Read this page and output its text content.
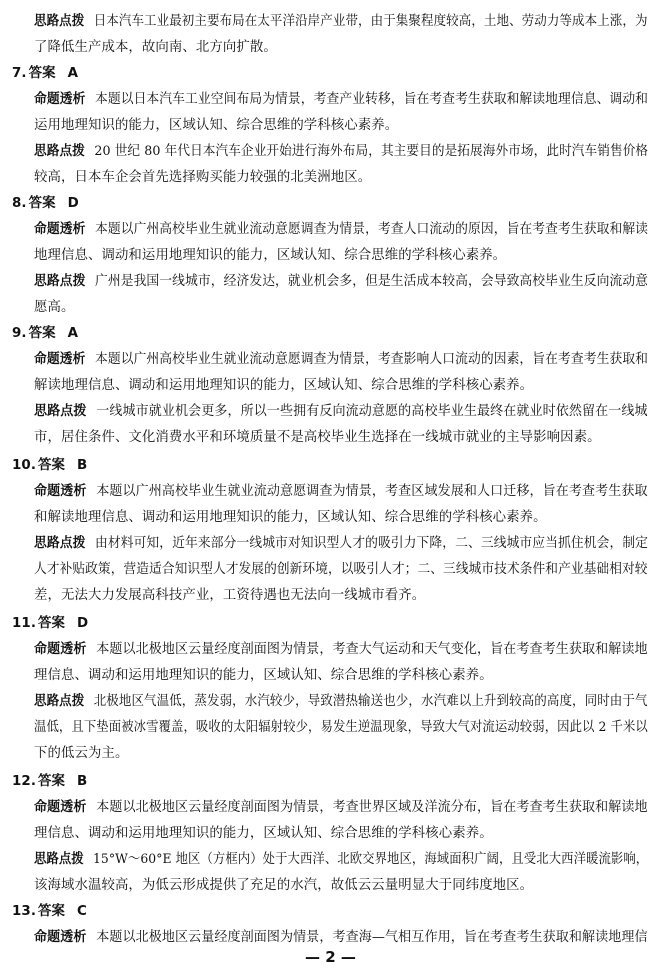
思路点拨 日本汽车工业最初主要布局在太平洋沿岸产业带，由于集聚程度较高，土地、劳动力等成本上涨，为
了降低生产成本，故向南、北方向扩散。
7. 答案 A
命题透析 本题以日本汽车工业空间布局为情景，考查产业转移，旨在考查考生获取和解读地理信息、调动和
运用地理知识的能力，区域认知、综合思维的学科核心素养。
思路点拨 20 世纪 80 年代日本汽车企业开始进行海外布局，其主要目的是拓展海外市场，此时汽车销售价格
较高，日本车企会首先选择购买能力较强的北美洲地区。
8. 答案 D
命题透析 本题以广州高校毕业生就业流动意愿调查为情景，考查人口流动的原因，旨在考查考生获取和解读
地理信息、调动和运用地理知识的能力，区域认知、综合思维的学科核心素养。
思路点拨 广州是我国一线城市，经济发达，就业机会多，但是生活成本较高，会导致高校毕业生反向流动意
愿高。
9. 答案 A
命题透析 本题以广州高校毕业生就业流动意愿调查为情景，考查影响人口流动的因素，旨在考查考生获取和
解读地理信息、调动和运用地理知识的能力，区域认知、综合思维的学科核心素养。
思路点拨 一线城市就业机会更多，所以一些拥有反向流动意愿的高校毕业生最终在就业时依然留在一线城
市，居住条件、文化消费水平和环境质量不是高校毕业生选择在一线城市就业的主导影响因素。
10. 答案 B
命题透析 本题以广州高校毕业生就业流动意愿调查为情景，考查区域发展和人口迁移，旨在考查考生获取
和解读地理信息、调动和运用地理知识的能力，区域认知、综合思维的学科核心素养。
思路点拨 由材料可知，近年来部分一线城市对知识型人才的吸引力下降，二、三线城市应当抓住机会，制定
人才补贴政策，营造适合知识型人才发展的创新环境，以吸引人才；二、三线城市技术条件和产业基础相对较
差，无法大力发展高科技产业，工资待遇也无法向一线城市看齐。
11. 答案 D
命题透析 本题以北极地区云量经度剖面图为情景，考查大气运动和天气变化，旨在考查考生获取和解读地
理信息、调动和运用地理知识的能力，区域认知、综合思维的学科核心素养。
思路点拨 北极地区气温低，蒸发弱，水汽较少，导致潜热输送也少，水汽难以上升到较高的高度，同时由于气
温低，且下垫面被冰雪覆盖，吸收的太阳辐射较少，易发生逆温现象，导致大气对流运动较弱，因此以 2 千米以
下的低云为主。
12. 答案 B
命题透析 本题以北极地区云量经度剖面图为情景，考查世界区域及洋流分布，旨在考查考生获取和解读地
理信息、调动和运用地理知识的能力，区域认知、综合思维的学科核心素养。
思路点拨 15°W～60°E 地区（方框内）处于大西洋、北欧交界地区，海域面积广阔，且受北大西洋暖流影响，
该海域水温较高，为低云形成提供了充足的水汽，故低云云量明显大于同纬度地区。
13. 答案 C
命题透析 本题以北极地区云量经度剖面图为情景，考查海—气相互作用，旨在考查考生获取和解读地理信
— 2 —
